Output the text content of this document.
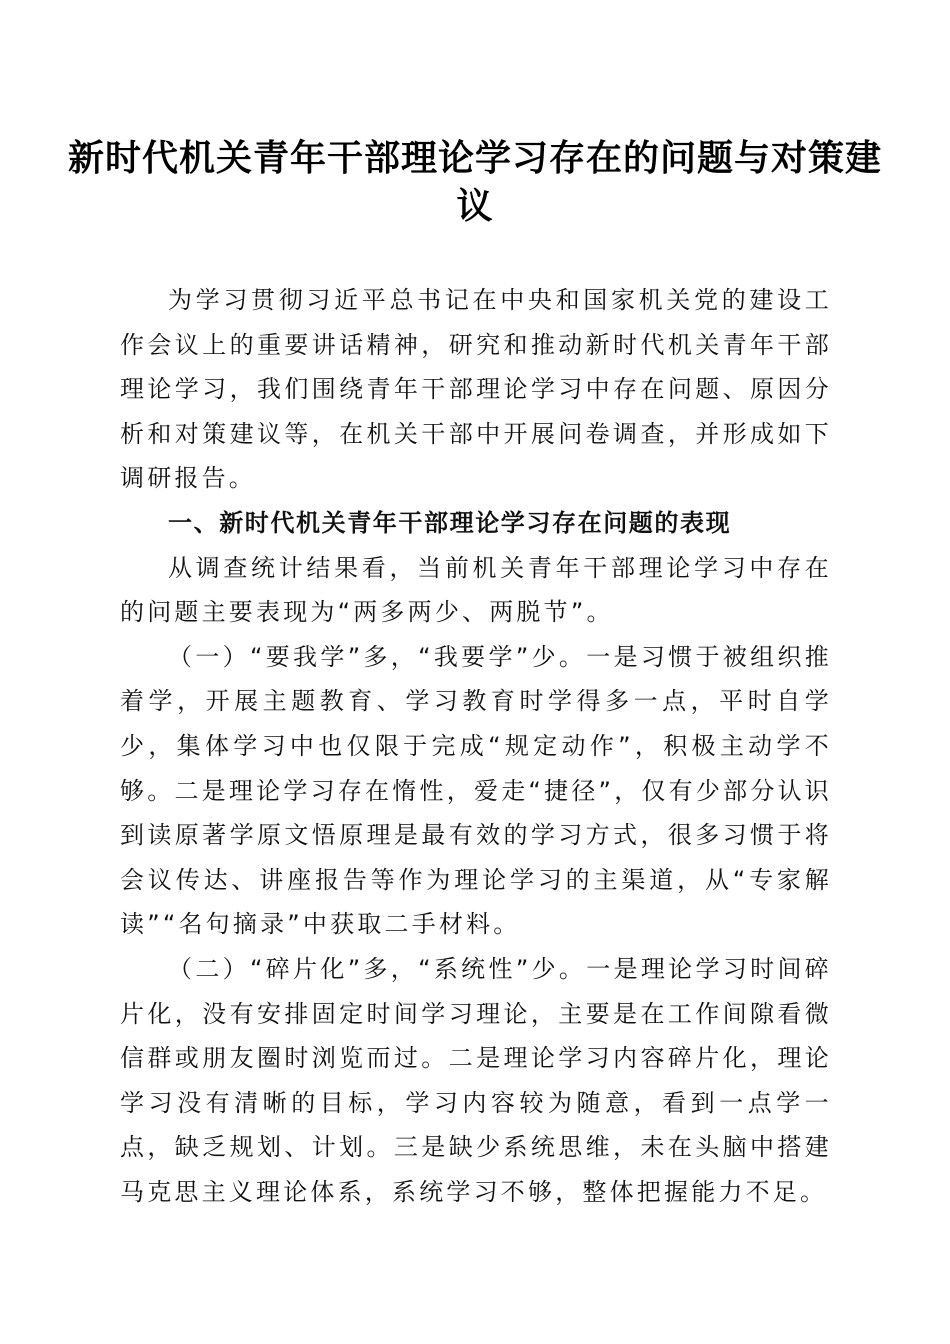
新时代机关青年干部理论学习存在的问题与对策建议

为学习贯彻习近平总书记在中央和国家机关党的建设工作会议上的重要讲话精神，研究和推动新时代机关青年干部理论学习，我们围绕青年干部理论学习中存在问题、原因分析和对策建议等，在机关干部中开展问卷调查，并形成如下调研报告。

一、新时代机关青年干部理论学习存在问题的表现

从调查统计结果看，当前机关青年干部理论学习中存在的问题主要表现为“两多两少、两脱节”。

（一）“要我学”多，“我要学”少。一是习惯于被组织推着学，开展主题教育、学习教育时学得多一点，平时自学少，集体学习中也仅限于完成“规定动作”，积极主动学不够。二是理论学习存在惰性，爱走“捷径”，仅有少部分认识到读原著学原文悟原理是最有效的学习方式，很多习惯于将会议传达、讲座报告等作为理论学习的主渠道，从“专家解读”“名句摘录”中获取二手材料。

（二）“碎片化”多，“系统性”少。一是理论学习时间碎片化，没有安排固定时间学习理论，主要是在工作间隙看微信群或朋友圈时浏览而过。二是理论学习内容碎片化，理论学习没有清晰的目标，学习内容较为随意，看到一点学一点，缺乏规划、计划。三是缺少系统思维，未在头脑中搭建马克思主义理论体系，系统学习不够，整体把握能力不足。
